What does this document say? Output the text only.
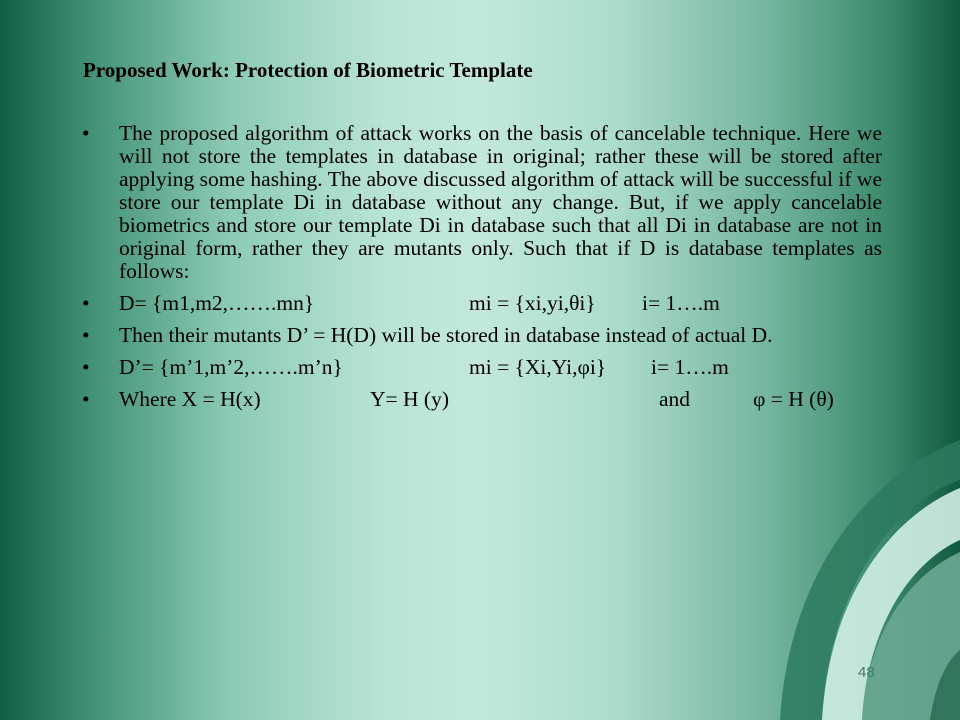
Proposed Work: Protection of Biometric Template
• The proposed algorithm of attack works on the basis of cancelable technique. Here we will not store the templates in database in original; rather these will be stored after applying some hashing. The above discussed algorithm of attack will be successful if we store our template Di in database without any change. But, if we apply cancelable biometrics and store our template Di in database such that all Di in database are not in original form, rather they are mutants only. Such that if D is database templates as follows:
• D= {m1,m2,…….mn}	mi = {xi,yi,θi} i= 1….m
• Then their mutants D’ = H(D) will be stored in database instead of actual D.
• D’= {m’1,m’2,…….m’n}	mi = {Xi,Yi,φi} i= 1….m
• Where X = H(x)	Y= H (y)	and	φ = H (θ)
48
